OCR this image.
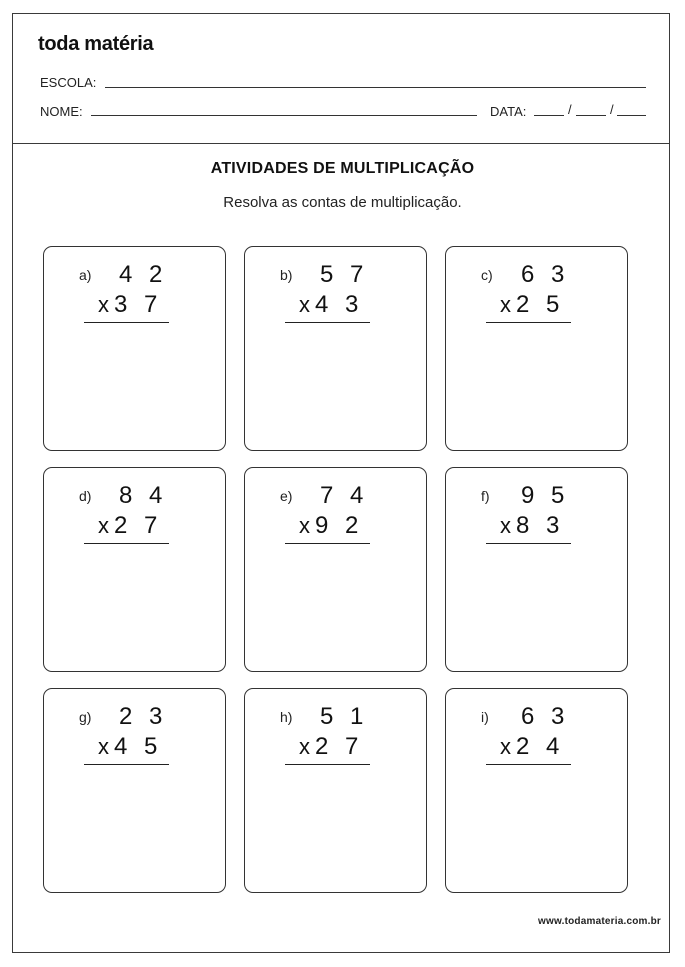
toda matéria
ESCOLA:
NOME:	DATA:	/	/
ATIVIDADES DE MULTIPLICAÇÃO
Resolva as contas de multiplicação.
a) 4 2
x3 7
b) 5 7
x4 3
c) 6 3
x2 5
d) 8 4
x2 7
e) 7 4
x9 2
f) 9 5
x8 3
g) 2 3
x4 5
h) 5 1
x2 7
i) 6 3
x2 4
www.todamateria.com.br
